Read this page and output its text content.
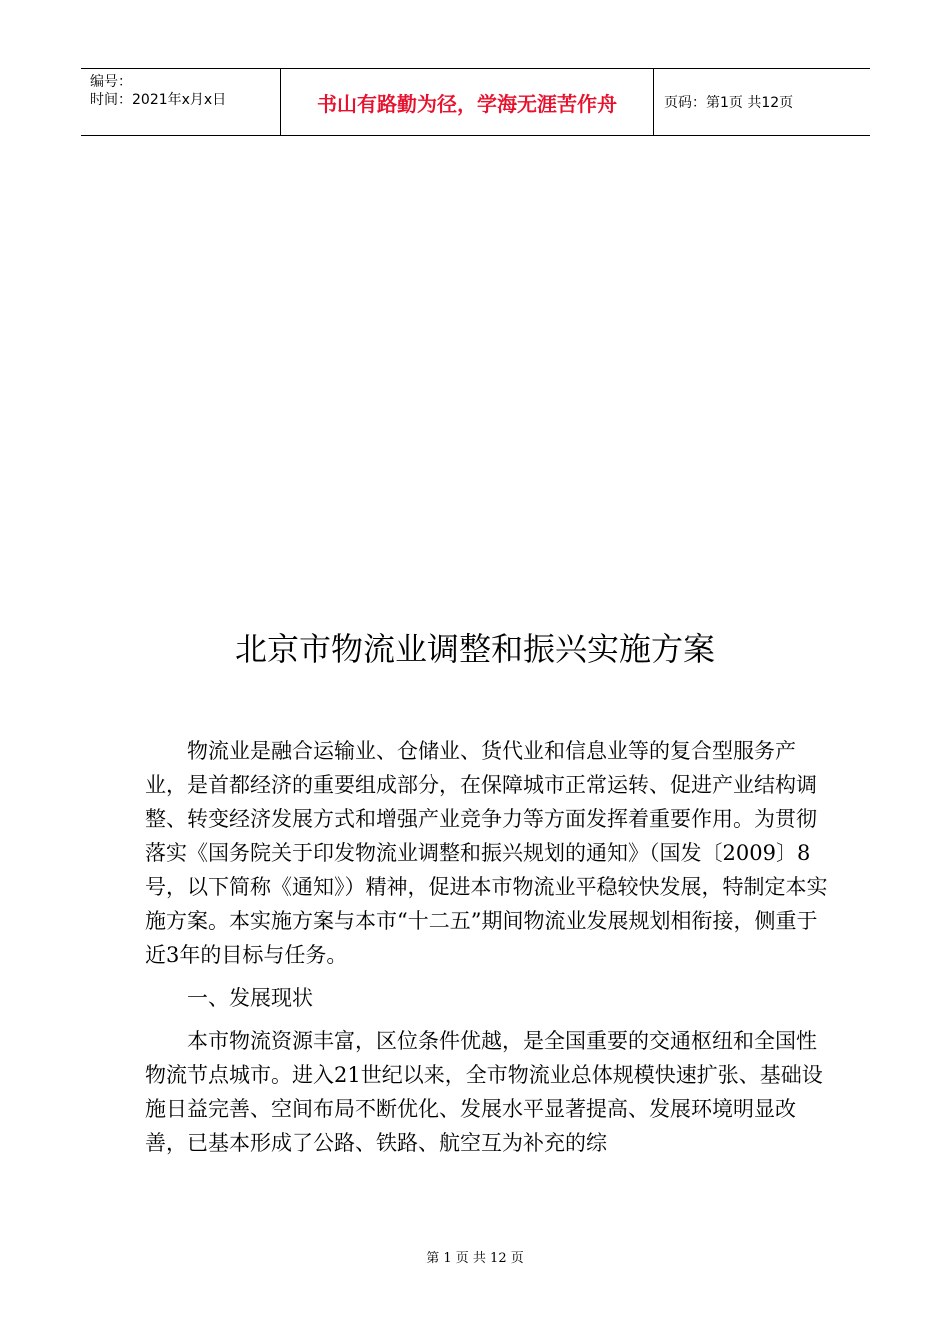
编号：
时间：2021年x月x日	书山有路勤为径，学海无涯苦作舟	页码：第1页 共12页
北京市物流业调整和振兴实施方案

物流业是融合运输业、仓储业、货代业和信息业等的复合型服务产业，是首都经济的重要组成部分，在保障城市正常运转、促进产业结构调整、转变经济发展方式和增强产业竞争力等方面发挥着重要作用。为贯彻落实《国务院关于印发物流业调整和振兴规划的通知》（国发〔2009〕8号，以下简称《通知》）精神，促进本市物流业平稳较快发展，特制定本实施方案。本实施方案与本市“十二五”期间物流业发展规划相衔接，侧重于近3年的目标与任务。

一、发展现状

本市物流资源丰富，区位条件优越，是全国重要的交通枢纽和全国性物流节点城市。进入21世纪以来，全市物流业总体规模快速扩张、基础设施日益完善、空间布局不断优化、发展水平显著提高、发展环境明显改善，已基本形成了公路、铁路、航空互为补充的综

第 1 页 共 12 页
